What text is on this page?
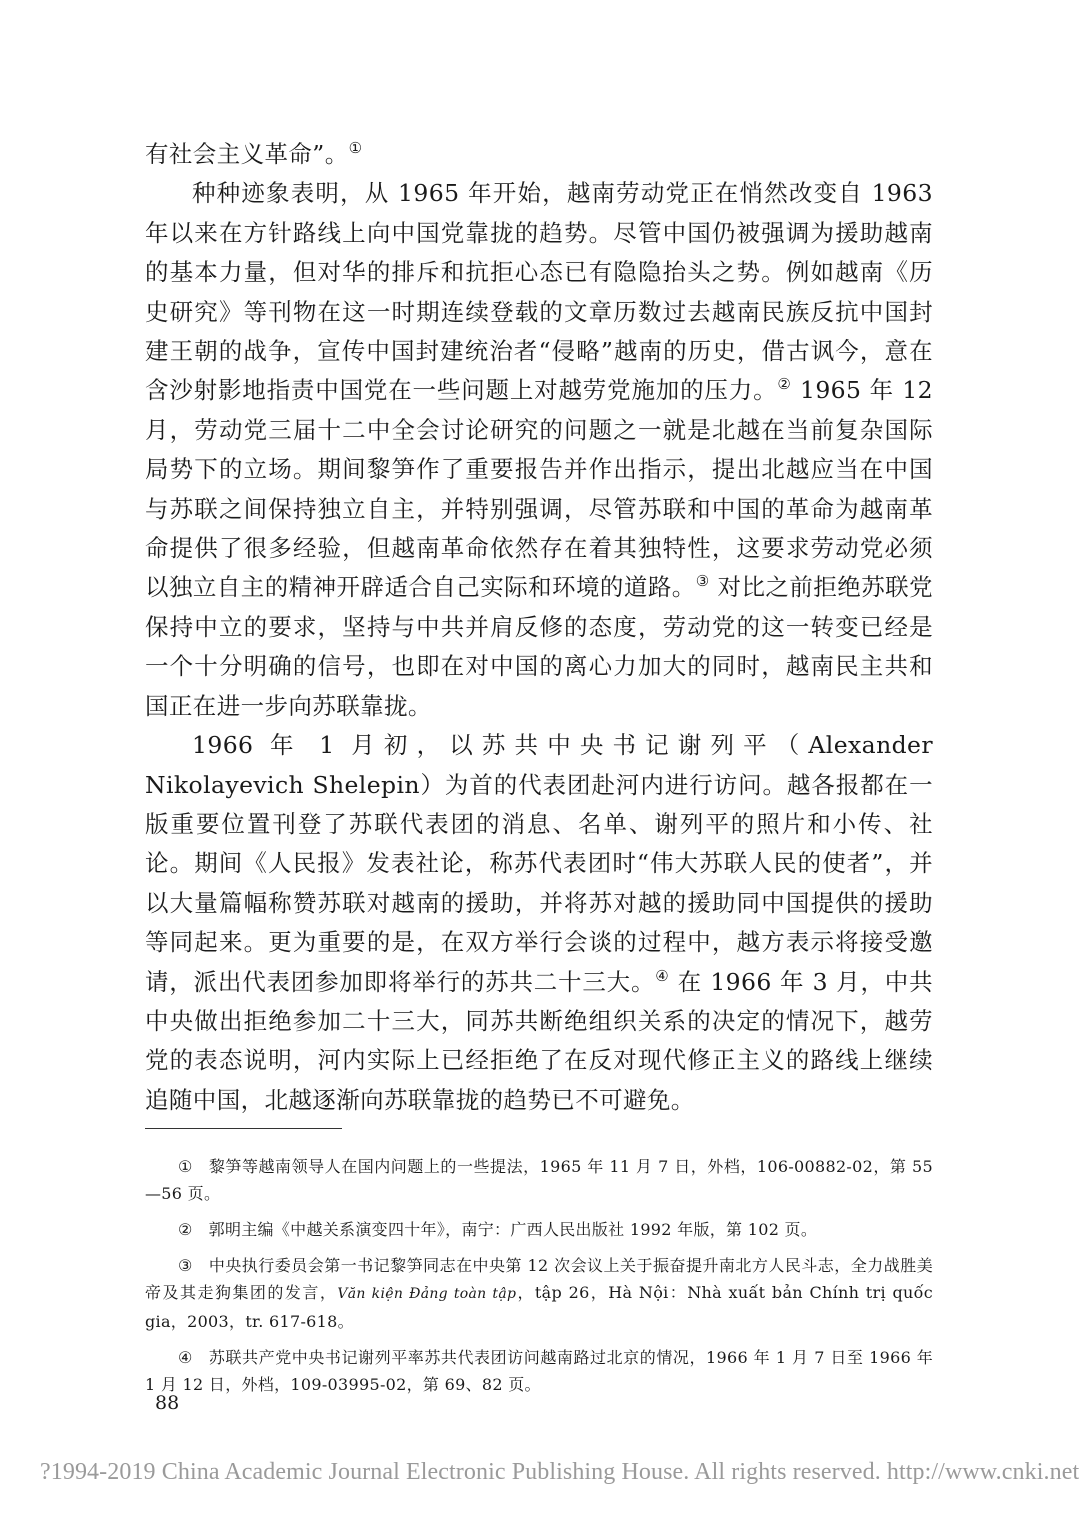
有社会主义革命”。①

种种迹象表明，从 1965 年开始，越南劳动党正在悄然改变自 1963 年以来在方针路线上向中国党靠拢的趋势。尽管中国仍被强调为援助越南的基本力量，但对华的排斥和抗拒心态已有隐隐抬头之势。例如越南《历史研究》等刊物在这一时期连续登载的文章历数过去越南民族反抗中国封建王朝的战争，宣传中国封建统治者“侵略”越南的历史，借古讽今，意在含沙射影地指责中国党在一些问题上对越劳党施加的压力。② 1965 年 12 月，劳动党三届十二中全会讨论研究的问题之一就是北越在当前复杂国际局势下的立场。期间黎笋作了重要报告并作出指示，提出北越应当在中国与苏联之间保持独立自主，并特别强调，尽管苏联和中国的革命为越南革命提供了很多经验，但越南革命依然存在着其独特性，这要求劳动党必须以独立自主的精神开辟适合自己实际和环境的道路。③ 对比之前拒绝苏联党保持中立的要求，坚持与中共并肩反修的态度，劳动党的这一转变已经是一个十分明确的信号，也即在对中国的离心力加大的同时，越南民主共和国正在进一步向苏联靠拢。

1966 年 1 月初，以苏共中央书记谢列平（Alexander Nikolayevich Shelepin）为首的代表团赴河内进行访问。越各报都在一版重要位置刊登了苏联代表团的消息、名单、谢列平的照片和小传、社论。期间《人民报》发表社论，称苏代表团时“伟大苏联人民的使者”，并以大量篇幅称赞苏联对越南的援助，并将苏对越的援助同中国提供的援助等同起来。更为重要的是，在双方举行会谈的过程中，越方表示将接受邀请，派出代表团参加即将举行的苏共二十三大。④ 在 1966 年 3 月，中共中央做出拒绝参加二十三大，同苏共断绝组织关系的决定的情况下，越劳党的表态说明，河内实际上已经拒绝了在反对现代修正主义的路线上继续追随中国，北越逐渐向苏联靠拢的趋势已不可避免。

① 黎笋等越南领导人在国内问题上的一些提法，1965 年 11 月 7 日，外档，106-00882-02，第 55—56 页。

② 郭明主编《中越关系演变四十年》，南宁：广西人民出版社 1992 年版，第 102 页。

③ 中央执行委员会第一书记黎笋同志在中央第 12 次会议上关于振奋提升南北方人民斗志，全力战胜美帝及其走狗集团的发言，Văn kiện Đảng toàn tập，tập 26，Hà Nội：Nhà xuất bản Chính trị quốc gia，2003，tr. 617-618。

④ 苏联共产党中央书记谢列平率苏共代表团访问越南路过北京的情况，1966 年 1 月 7 日至 1966 年 1 月 12 日，外档，109-03995-02，第 69、82 页。

88
?1994-2019 China Academic Journal Electronic Publishing House. All rights reserved. http://www.cnki.net
